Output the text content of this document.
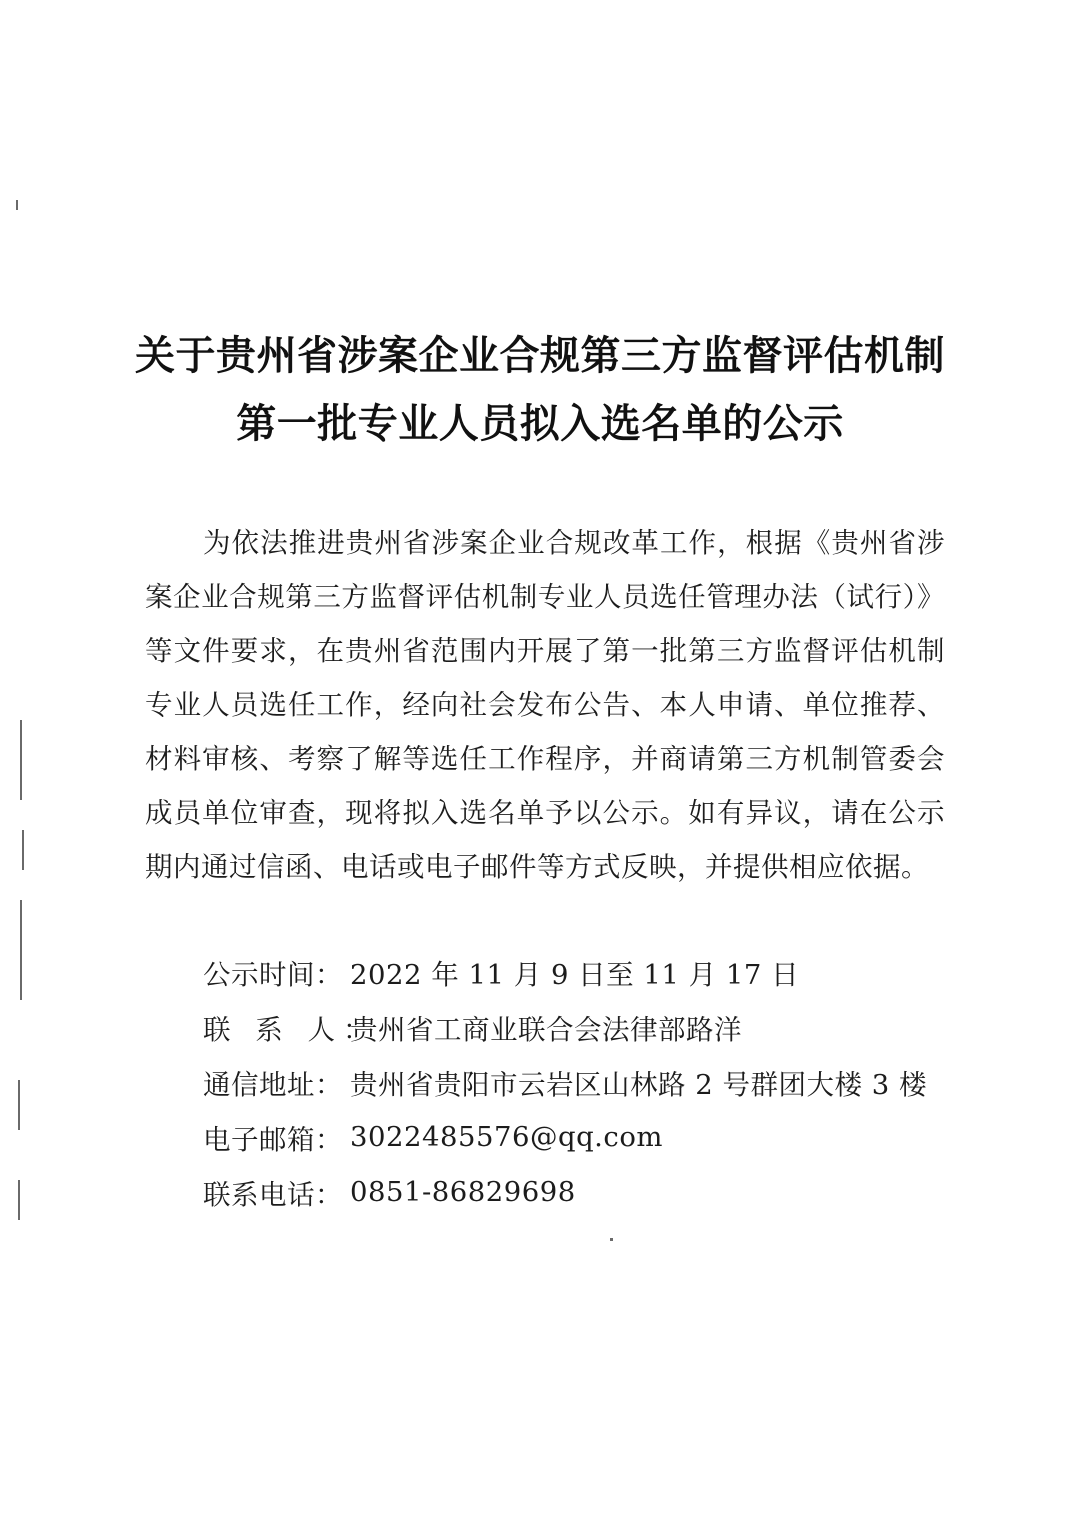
关于贵州省涉案企业合规第三方监督评估机制
第一批专业人员拟入选名单的公示

为依法推进贵州省涉案企业合规改革工作，根据《贵州省涉案企业合规第三方监督评估机制专业人员选任管理办法（试行）》等文件要求，在贵州省范围内开展了第一批第三方监督评估机制专业人员选任工作，经向社会发布公告、本人申请、单位推荐、材料审核、考察了解等选任工作程序，并商请第三方机制管委会成员单位审查，现将拟入选名单予以公示。如有异议，请在公示期内通过信函、电话或电子邮件等方式反映，并提供相应依据。

公示时间： 2022 年 11 月 9 日至 11 月 17 日
联 系 人：
贵州省工商业联合会法律部路洋
通信地址： 贵州省贵阳市云岩区山林路 2 号群团大楼 3 楼
电子邮箱： 3022485576@qq.com
联系电话： 0851-86829698
